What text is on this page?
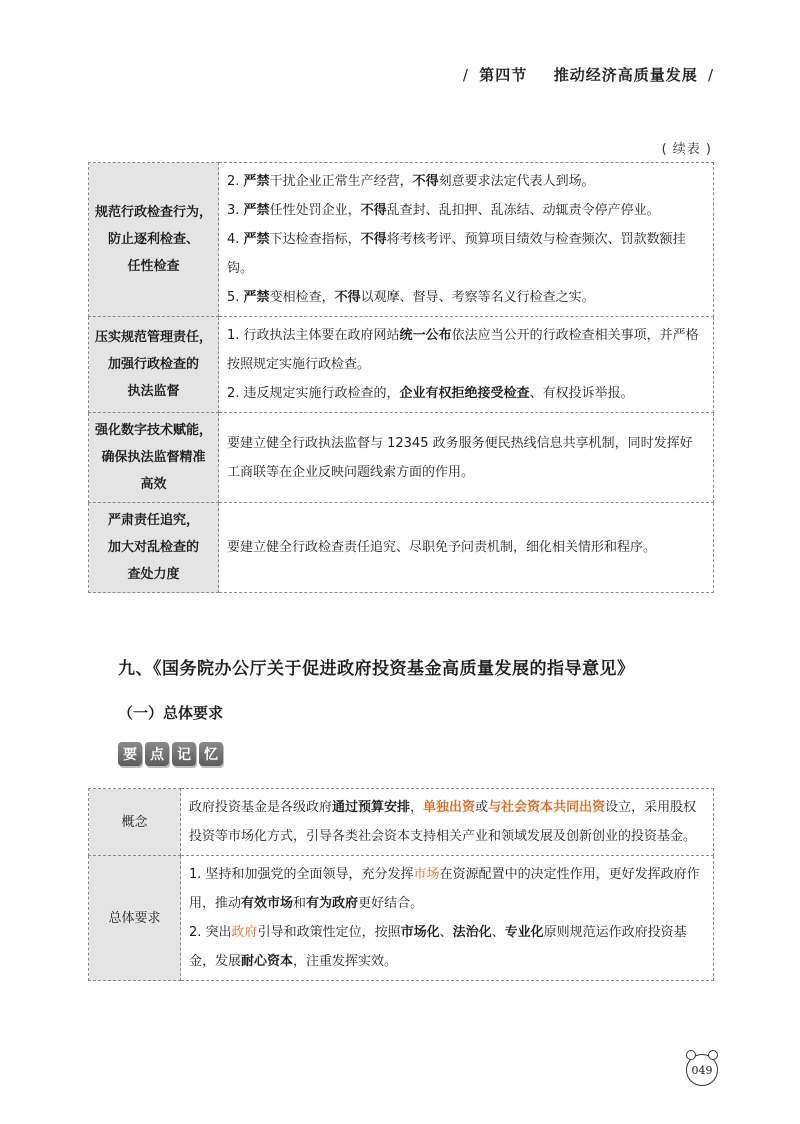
/ 第四节 推动经济高质量发展 /
( 续表 )
规范行政检查行为，
防止逐利检查、
任性检查	2. 严禁干扰企业正常生产经营，不得刻意要求法定代表人到场。
3. 严禁任性处罚企业，不得乱查封、乱扣押、乱冻结、动辄责令停产停业。
4. 严禁下达检查指标，不得将考核考评、预算项目绩效与检查频次、罚款数额挂钩。
5. 严禁变相检查，不得以观摩、督导、考察等名义行检查之实。

压实规范管理责任，
加强行政检查的
执法监督	1. 行政执法主体要在政府网站统一公布依法应当公开的行政检查相关事项，并严格按照规定实施行政检查。
2. 违反规定实施行政检查的，企业有权拒绝接受检查、有权投诉举报。

强化数字技术赋能，
确保执法监督精准
高效	要建立健全行政执法监督与 12345 政务服务便民热线信息共享机制，同时发挥好工商联等在企业反映问题线索方面的作用。

严肃责任追究，
加大对乱检查的
查处力度	要建立健全行政检查责任追究、尽职免予问责机制，细化相关情形和程序。
九、《国务院办公厅关于促进政府投资基金高质量发展的指导意见》
（一）总体要求
要 点 记 忆
概念	政府投资基金是各级政府通过预算安排，单独出资或与社会资本共同出资设立，采用股权投资等市场化方式，引导各类社会资本支持相关产业和领域发展及创新创业的投资基金。

总体要求	1. 坚持和加强党的全面领导，充分发挥市场在资源配置中的决定性作用，更好发挥政府作用，推动有效市场和有为政府更好结合。
2. 突出政府引导和政策性定位，按照市场化、法治化、专业化原则规范运作政府投资基金，发展耐心资本，注重发挥实效。
049
